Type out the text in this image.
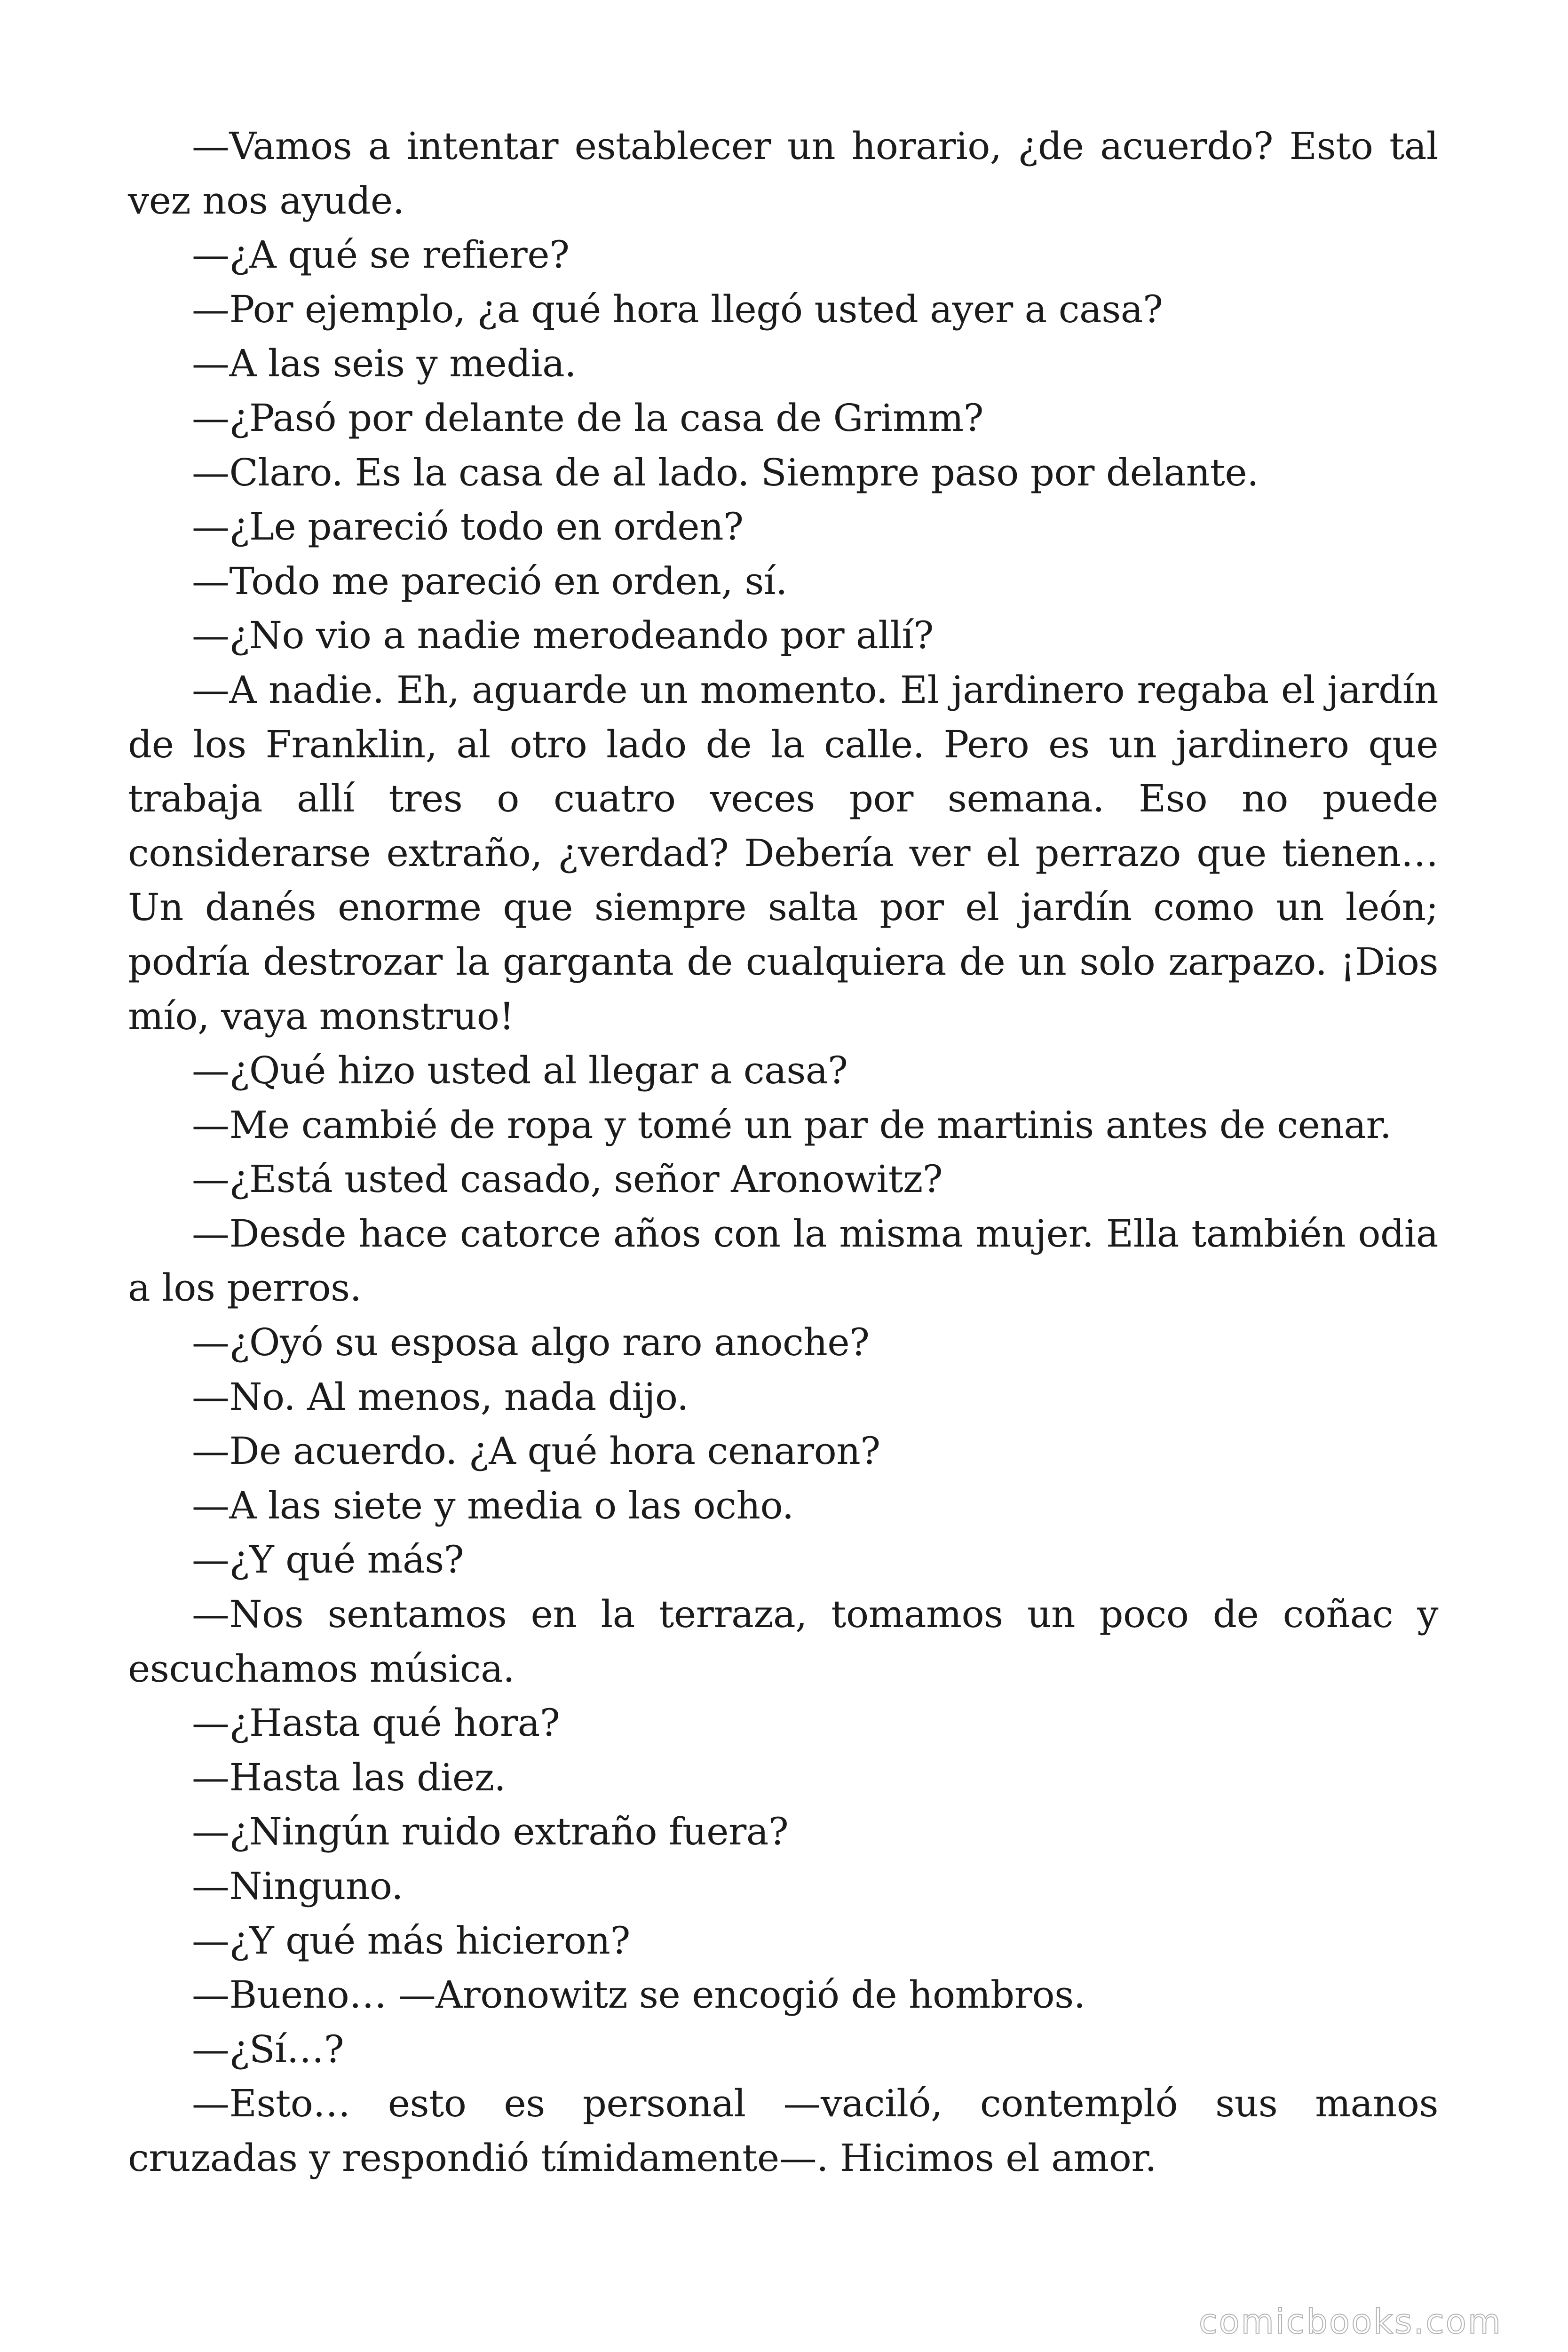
—Vamos a intentar establecer un horario, ¿de acuerdo? Esto tal vez nos ayude.

—¿A qué se refiere?

—Por ejemplo, ¿a qué hora llegó usted ayer a casa?

—A las seis y media.

—¿Pasó por delante de la casa de Grimm?

—Claro. Es la casa de al lado. Siempre paso por delante.

—¿Le pareció todo en orden?

—Todo me pareció en orden, sí.

—¿No vio a nadie merodeando por allí?

—A nadie. Eh, aguarde un momento. El jardinero regaba el jardín de los Franklin, al otro lado de la calle. Pero es un jardinero que trabaja allí tres o cuatro veces por semana. Eso no puede considerarse extraño, ¿verdad? Debería ver el perrazo que tienen… Un danés enorme que siempre salta por el jardín como un león; podría destrozar la garganta de cualquiera de un solo zarpazo. ¡Dios mío, vaya monstruo!

—¿Qué hizo usted al llegar a casa?

—Me cambié de ropa y tomé un par de martinis antes de cenar.

—¿Está usted casado, señor Aronowitz?

—Desde hace catorce años con la misma mujer. Ella también odia a los perros.

—¿Oyó su esposa algo raro anoche?

—No. Al menos, nada dijo.

—De acuerdo. ¿A qué hora cenaron?

—A las siete y media o las ocho.

—¿Y qué más?

—Nos sentamos en la terraza, tomamos un poco de coñac y escuchamos música.

—¿Hasta qué hora?

—Hasta las diez.

—¿Ningún ruido extraño fuera?

—Ninguno.

—¿Y qué más hicieron?

—Bueno… —Aronowitz se encogió de hombros.

—¿Sí…?

—Esto… esto es personal —vaciló, contempló sus manos cruzadas y respondió tímidamente—. Hicimos el amor.

comicbooks.com
